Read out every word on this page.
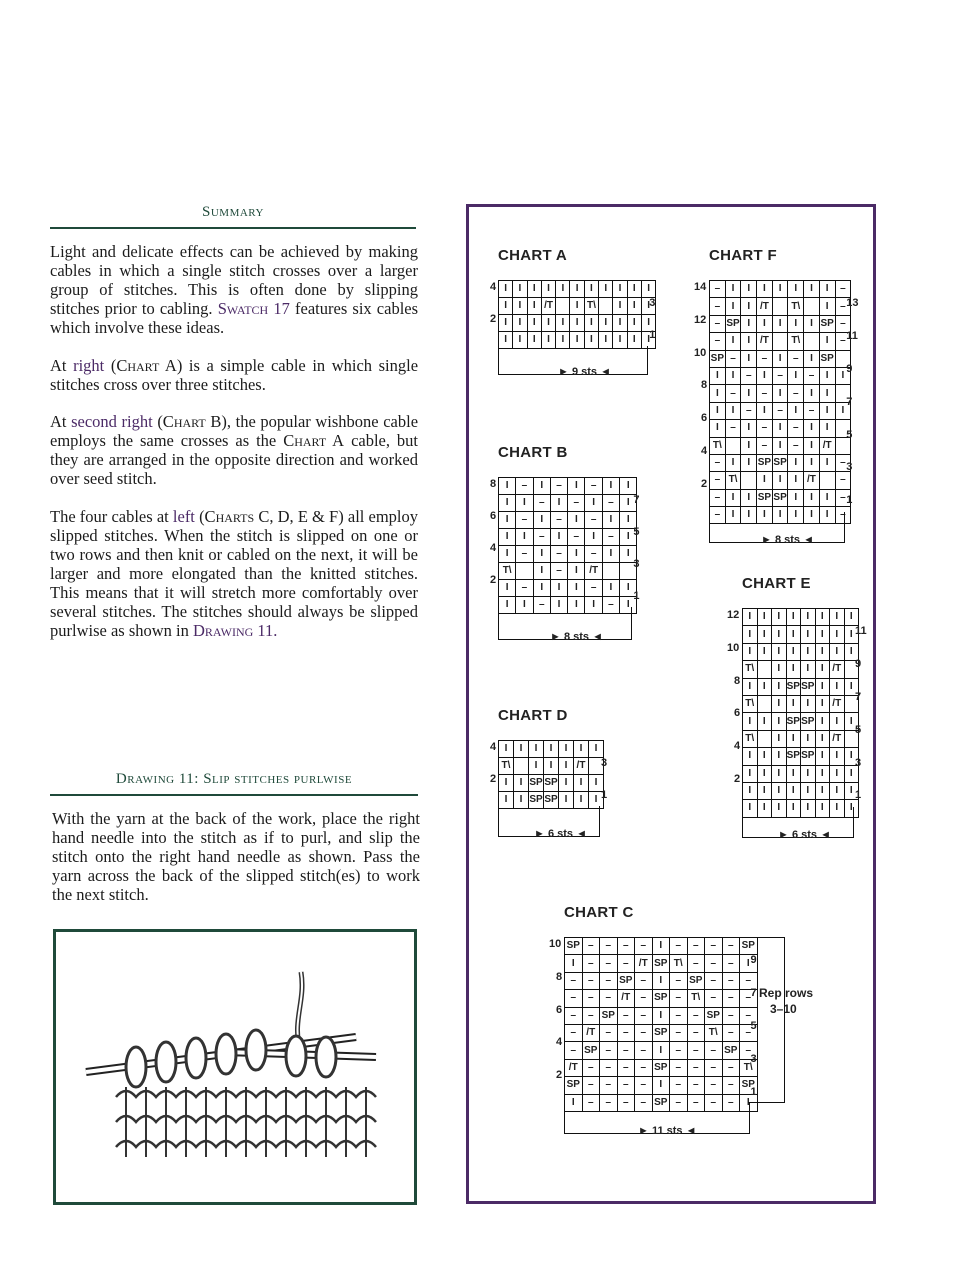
Summary
Light and delicate effects can be achieved by making cables in which a single stitch crosses over a larger group of stitches. This is often done by slipping stitches prior to cabling. Swatch 17 features six cables which involve these ideas.
At right (Chart A) is a simple cable in which single stitches cross over three stitches.
At second right (Chart B), the popular wishbone cable employs the same crosses as the Chart A cable, but they are arranged in the opposite direction and worked over seed stitch.
The four cables at left (Charts C, D, E & F) all employ slipped stitches. When the stitch is slipped on one or two rows and then knit or cabled on the next, it will be larger and more elongated than the knitted stitches. This means that it will stretch more comfortably over several stitches. The stitches should always be slipped purlwise as shown in Drawing 11.
Drawing 11: Slip stitches purlwise
With the yarn at the back of the work, place the right hand needle into the stitch as if to purl, and slip the stitch onto the right hand needle as shown. Pass the yarn across the back of the slipped stitch(es) to work the next stitch.
CHART A
I	I	I	I	I	I	I	I	I	I	I
I	I	I	/T		I	T\		I	I	I
I	I	I	I	I	I	I	I	I	I	I
I	I	I	I	I	I	I	I	I	I	I
4
3
2
1
► 9 sts ◄
CHART B
I	–	I	–	I	–	I	I
I	I	–	I	–	I	–	I
I	–	I	–	I	–	I	I
I	I	–	I	–	I	–	I
I	–	I	–	I	–	I	I
T\		I	–	I	/T		
I	–	I	I	I	–	I	I
I	I	–	I	I	I	–	I
8
7
6
5
4
3
2
1
► 8 sts ◄
CHART D
I	I	I	I	I	I	I
T\		I	I	I	/T	
I	I	SP	SP	I	I	I
I	I	SP	SP	I	I	I
4
3
2
1
► 6 sts ◄
CHART F
–	I	I	I	I	I	I	I	–
–	I	I	/T		T\		I	–
–	SP	I	I	I	I	I	SP	–
–	I	I	/T		T\		I	–
SP	–	I	–	I	–	I	SP	
I	I	–	I	–	I	–	I	I
I	–	I	–	I	–	I	I	
I	I	–	I	–	I	–	I	I
I	–	I	–	I	–	I	I	
T\		I	–	I	–	I	/T	
–	I	I	SP	SP	I	I	I	–
–	T\		I	I	I	/T		–
–	I	I	SP	SP	I	I	I	–
–	I	I	I	I	I	I	I	–
14
13
12
11
10
9
8
7
6
5
4
3
2
1
► 8 sts ◄
CHART E
I	I	I	I	I	I	I	I
I	I	I	I	I	I	I	I
I	I	I	I	I	I	I	I
T\		I	I	I	I	/T	
I	I	I	SP	SP	I	I	I
T\		I	I	I	I	/T	
I	I	I	SP	SP	I	I	I
T\		I	I	I	I	/T	
I	I	I	SP	SP	I	I	I
I	I	I	I	I	I	I	I
I	I	I	I	I	I	I	I
I	I	I	I	I	I	I	I
12
11
10
9
8
7
6
5
4
3
2
1
► 6 sts ◄
CHART C
SP	–	–	–	–	I	–	–	–	–	SP
I	–	–	–	/T	SP	T\	–	–	–	I
–	–	–	SP	–	I	–	SP	–	–	–
–	–	–	/T	–	SP	–	T\	–	–	–
–	–	SP	–	–	I	–	–	SP	–	–
–	/T	–	–	–	SP	–	–	T\	–	–
–	SP	–	–	–	I	–	–	–	SP	–
/T	–	–	–	–	SP	–	–	–	–	T\
SP	–	–	–	–	I	–	–	–	–	SP
I	–	–	–	–	SP	–	–	–	–	I
10
9
8
7
6
5
4
3
2
1
► 11 sts ◄
Rep rows
3–10
